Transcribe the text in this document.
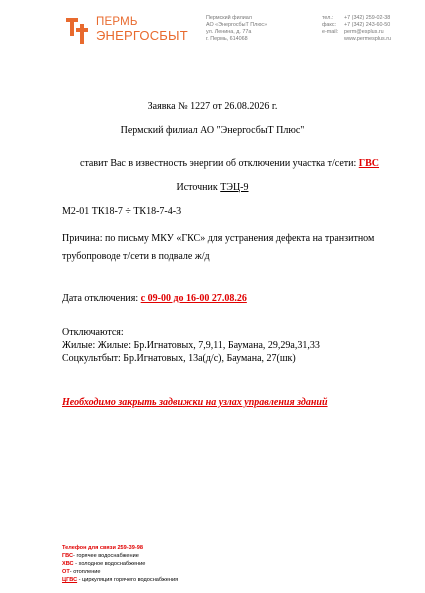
ПЕРМЬ
ЭНЕРГОСБЫТ
Пермский филиал
АО «ЭнергосбыТ Плюс»
ул. Ленина, д. 77а
г. Пермь, 614068
тел.: +7 (342) 259-02-38
факс: +7 (342) 243-60-50
e-mail: perm@esplus.ru
www.permesplus.ru
Заявка № 1227 от 26.08.2026 г.
Пермский филиал АО "ЭнергосбыТ Плюс"
ставит Вас в известность энергии об отключении участка т/сети: ГВС
Источник ТЭЦ-9
М2-01 ТК18-7 ÷ ТК18-7-4-3
Причина: по письму МКУ «ГКС» для устранения дефекта на транзитном
трубопроводе т/сети в подвале ж/д
Дата отключения: с 09-00 до 16-00 27.08.26
Отключаются:
Жилые: Жилые: Бр.Игнатовых, 7,9,11, Баумана, 29,29а,31,33
Соцкультбыт: Бр.Игнатовых, 13а(д/с), Баумана, 27(шк)
Необходимо закрыть задвижки на узлах управления зданий
Телефон для связи 259-39-98
ГВС- горячее водоснабжение
ХВС - холодное водоснабжение
ОТ- отопление
ЦГВС - циркуляция горячего водоснабжения
